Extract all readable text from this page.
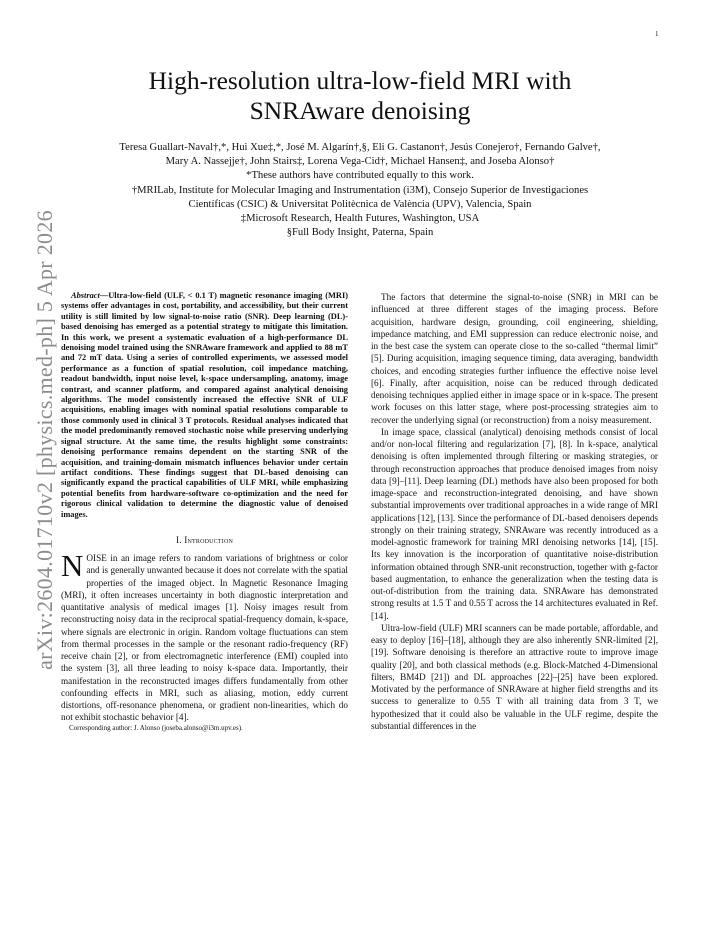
1
arXiv:2604.01710v2 [physics.med-ph] 5 Apr 2026
High-resolution ultra-low-field MRI with SNRAware denoising
Teresa Guallart-Naval†,*, Hui Xue‡,*, José M. Algarín†,§, Eli G. Castanon†, Jesús Conejero†, Fernando Galve†,
Mary A. Nassejje†, John Stairs‡, Lorena Vega-Cid†, Michael Hansen‡, and Joseba Alonso†
*These authors have contributed equally to this work.
†MRILab, Institute for Molecular Imaging and Instrumentation (i3M), Consejo Superior de Investigaciones
Científicas (CSIC) & Universitat Politècnica de València (UPV), Valencia, Spain
‡Microsoft Research, Health Futures, Washington, USA
§Full Body Insight, Paterna, Spain

Abstract—Ultra-low-field (ULF, < 0.1 T) magnetic resonance imaging (MRI) systems offer advantages in cost, portability, and accessibility, but their current utility is still limited by low signal-to-noise ratio (SNR). Deep learning (DL)-based denoising has emerged as a potential strategy to mitigate this limitation. In this work, we present a systematic evaluation of a high-performance DL denoising model trained using the SNRAware framework and applied to 88 mT and 72 mT data. Using a series of controlled experiments, we assessed model performance as a function of spatial resolution, coil impedance matching, readout bandwidth, input noise level, k-space undersampling, anatomy, image contrast, and scanner platform, and compared against analytical denoising algorithms. The model consistently increased the effective SNR of ULF acquisitions, enabling images with nominal spatial resolutions comparable to those commonly used in clinical 3 T protocols. Residual analyses indicated that the model predominantly removed stochastic noise while preserving underlying signal structure. At the same time, the results highlight some constraints: denoising performance remains dependent on the starting SNR of the acquisition, and training-domain mismatch influences behavior under certain artifact conditions. These findings suggest that DL-based denoising can significantly expand the practical capabilities of ULF MRI, while emphasizing potential benefits from hardware-software co-optimization and the need for rigorous clinical validation to determine the diagnostic value of denoised images.

I. Introduction

NOISE in an image refers to random variations of brightness or color and is generally unwanted because it does not correlate with the spatial properties of the imaged object. In Magnetic Resonance Imaging (MRI), it often increases uncertainty in both diagnostic interpretation and quantitative analysis of medical images [1]. Noisy images result from reconstructing noisy data in the reciprocal spatial-frequency domain, k-space, where signals are electronic in origin. Random voltage fluctuations can stem from thermal processes in the sample or the resonant radio-frequency (RF) receive chain [2], or from electromagnetic interference (EMI) coupled into the system [3], all three leading to noisy k-space data. Importantly, their manifestation in the reconstructed images differs fundamentally from other confounding effects in MRI, such as aliasing, motion, eddy current distortions, off-resonance phenomena, or gradient non-linearities, which do not exhibit stochastic behavior [4].

Corresponding author: J. Alonso (joseba.alonso@i3m.upv.es).

The factors that determine the signal-to-noise (SNR) in MRI can be influenced at three different stages of the imaging process. Before acquisition, hardware design, grounding, coil engineering, shielding, impedance matching, and EMI suppression can reduce electronic noise, and in the best case the system can operate close to the so-called “thermal limit” [5]. During acquisition, imaging sequence timing, data averaging, bandwidth choices, and encoding strategies further influence the effective noise level [6]. Finally, after acquisition, noise can be reduced through dedicated denoising techniques applied either in image space or in k-space. The present work focuses on this latter stage, where post-processing strategies aim to recover the underlying signal (or reconstruction) from a noisy measurement.

In image space, classical (analytical) denoising methods consist of local and/or non-local filtering and regularization [7], [8]. In k-space, analytical denoising is often implemented through filtering or masking strategies, or through reconstruction approaches that produce denoised images from noisy data [9]–[11]. Deep learning (DL) methods have also been proposed for both image-space and reconstruction-integrated denoising, and have shown substantial improvements over traditional approaches in a wide range of MRI applications [12], [13]. Since the performance of DL-based denoisers depends strongly on their training strategy, SNRAware was recently introduced as a model-agnostic framework for training MRI denoising networks [14], [15]. Its key innovation is the incorporation of quantitative noise-distribution information obtained through SNR-unit reconstruction, together with g-factor based augmentation, to enhance the generalization when the testing data is out-of-distribution from the training data. SNRAware has demonstrated strong results at 1.5 T and 0.55 T across the 14 architectures evaluated in Ref. [14].

Ultra-low-field (ULF) MRI scanners can be made portable, affordable, and easy to deploy [16]–[18], although they are also inherently SNR-limited [2], [19]. Software denoising is therefore an attractive route to improve image quality [20], and both classical methods (e.g. Block-Matched 4-Dimensional filters, BM4D [21]) and DL approaches [22]–[25] have been explored. Motivated by the performance of SNRAware at higher field strengths and its success to generalize to 0.55 T with all training data from 3 T, we hypothesized that it could also be valuable in the ULF regime, despite the substantial differences in the
